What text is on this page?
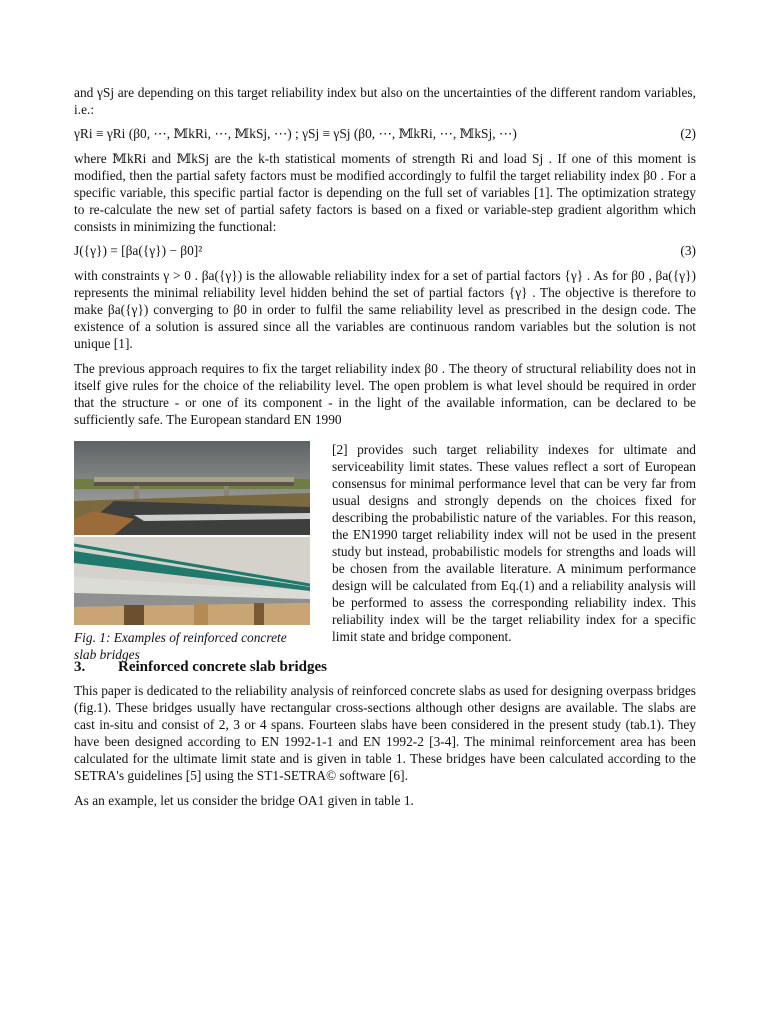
and γSj are depending on this target reliability index but also on the uncertainties of the different random variables, i.e.:

γRi ≡ γRi (β0, ⋯, 𝕄kRi, ⋯, 𝕄kSj, ⋯) ; γSj ≡ γSj (β0, ⋯, 𝕄kRi, ⋯, 𝕄kSj, ⋯)	(2)

where 𝕄kRi and 𝕄kSj are the k-th statistical moments of strength Ri and load Sj . If one of this moment is modified, then the partial safety factors must be modified accordingly to fulfil the target reliability index β0 . For a specific variable, this specific partial factor is depending on the full set of variables [1]. The optimization strategy to re-calculate the new set of partial safety factors is based on a fixed or variable-step gradient algorithm which consists in minimizing the functional:

J({γ}) = [βa({γ}) − β0]²	(3)

with constraints γ > 0 . βa({γ}) is the allowable reliability index for a set of partial factors {γ} . As for β0 , βa({γ}) represents the minimal reliability level hidden behind the set of partial factors {γ} . The objective is therefore to make βa({γ}) converging to β0 in order to fulfil the same reliability level as prescribed in the design code. The existence of a solution is assured since all the variables are continuous random variables but the solution is not unique [1].

The previous approach requires to fix the target reliability index β0 . The theory of structural reliability does not in itself give rules for the choice of the reliability level. The open problem is what level should be required in order that the structure - or one of its component - in the light of the available information, can be declared to be sufficiently safe. The European standard EN 1990

Fig. 1: Examples of reinforced concrete slab bridges

[2] provides such target reliability indexes for ultimate and serviceability limit states. These values reflect a sort of European consensus for minimal performance level that can be very far from usual designs and strongly depends on the choices fixed for describing the probabilistic nature of the variables. For this reason, the EN1990 target reliability index will not be used in the present study but instead, probabilistic models for strengths and loads will be chosen from the available literature. A minimum performance design will be calculated from Eq.(1) and a reliability analysis will be performed to assess the corresponding reliability index. This reliability index will be the target reliability index for a specific limit state and bridge component.

3. Reinforced concrete slab bridges

This paper is dedicated to the reliability analysis of reinforced concrete slabs as used for designing overpass bridges (fig.1). These bridges usually have rectangular cross-sections although other designs are available. The slabs are cast in-situ and consist of 2, 3 or 4 spans. Fourteen slabs have been considered in the present study (tab.1). They have been designed according to EN 1992-1-1 and EN 1992-2 [3-4]. The minimal reinforcement area has been calculated for the ultimate limit state and is given in table 1. These bridges have been calculated according to the SETRA's guidelines [5] using the ST1-SETRA© software [6].

As an example, let us consider the bridge OA1 given in table 1.
